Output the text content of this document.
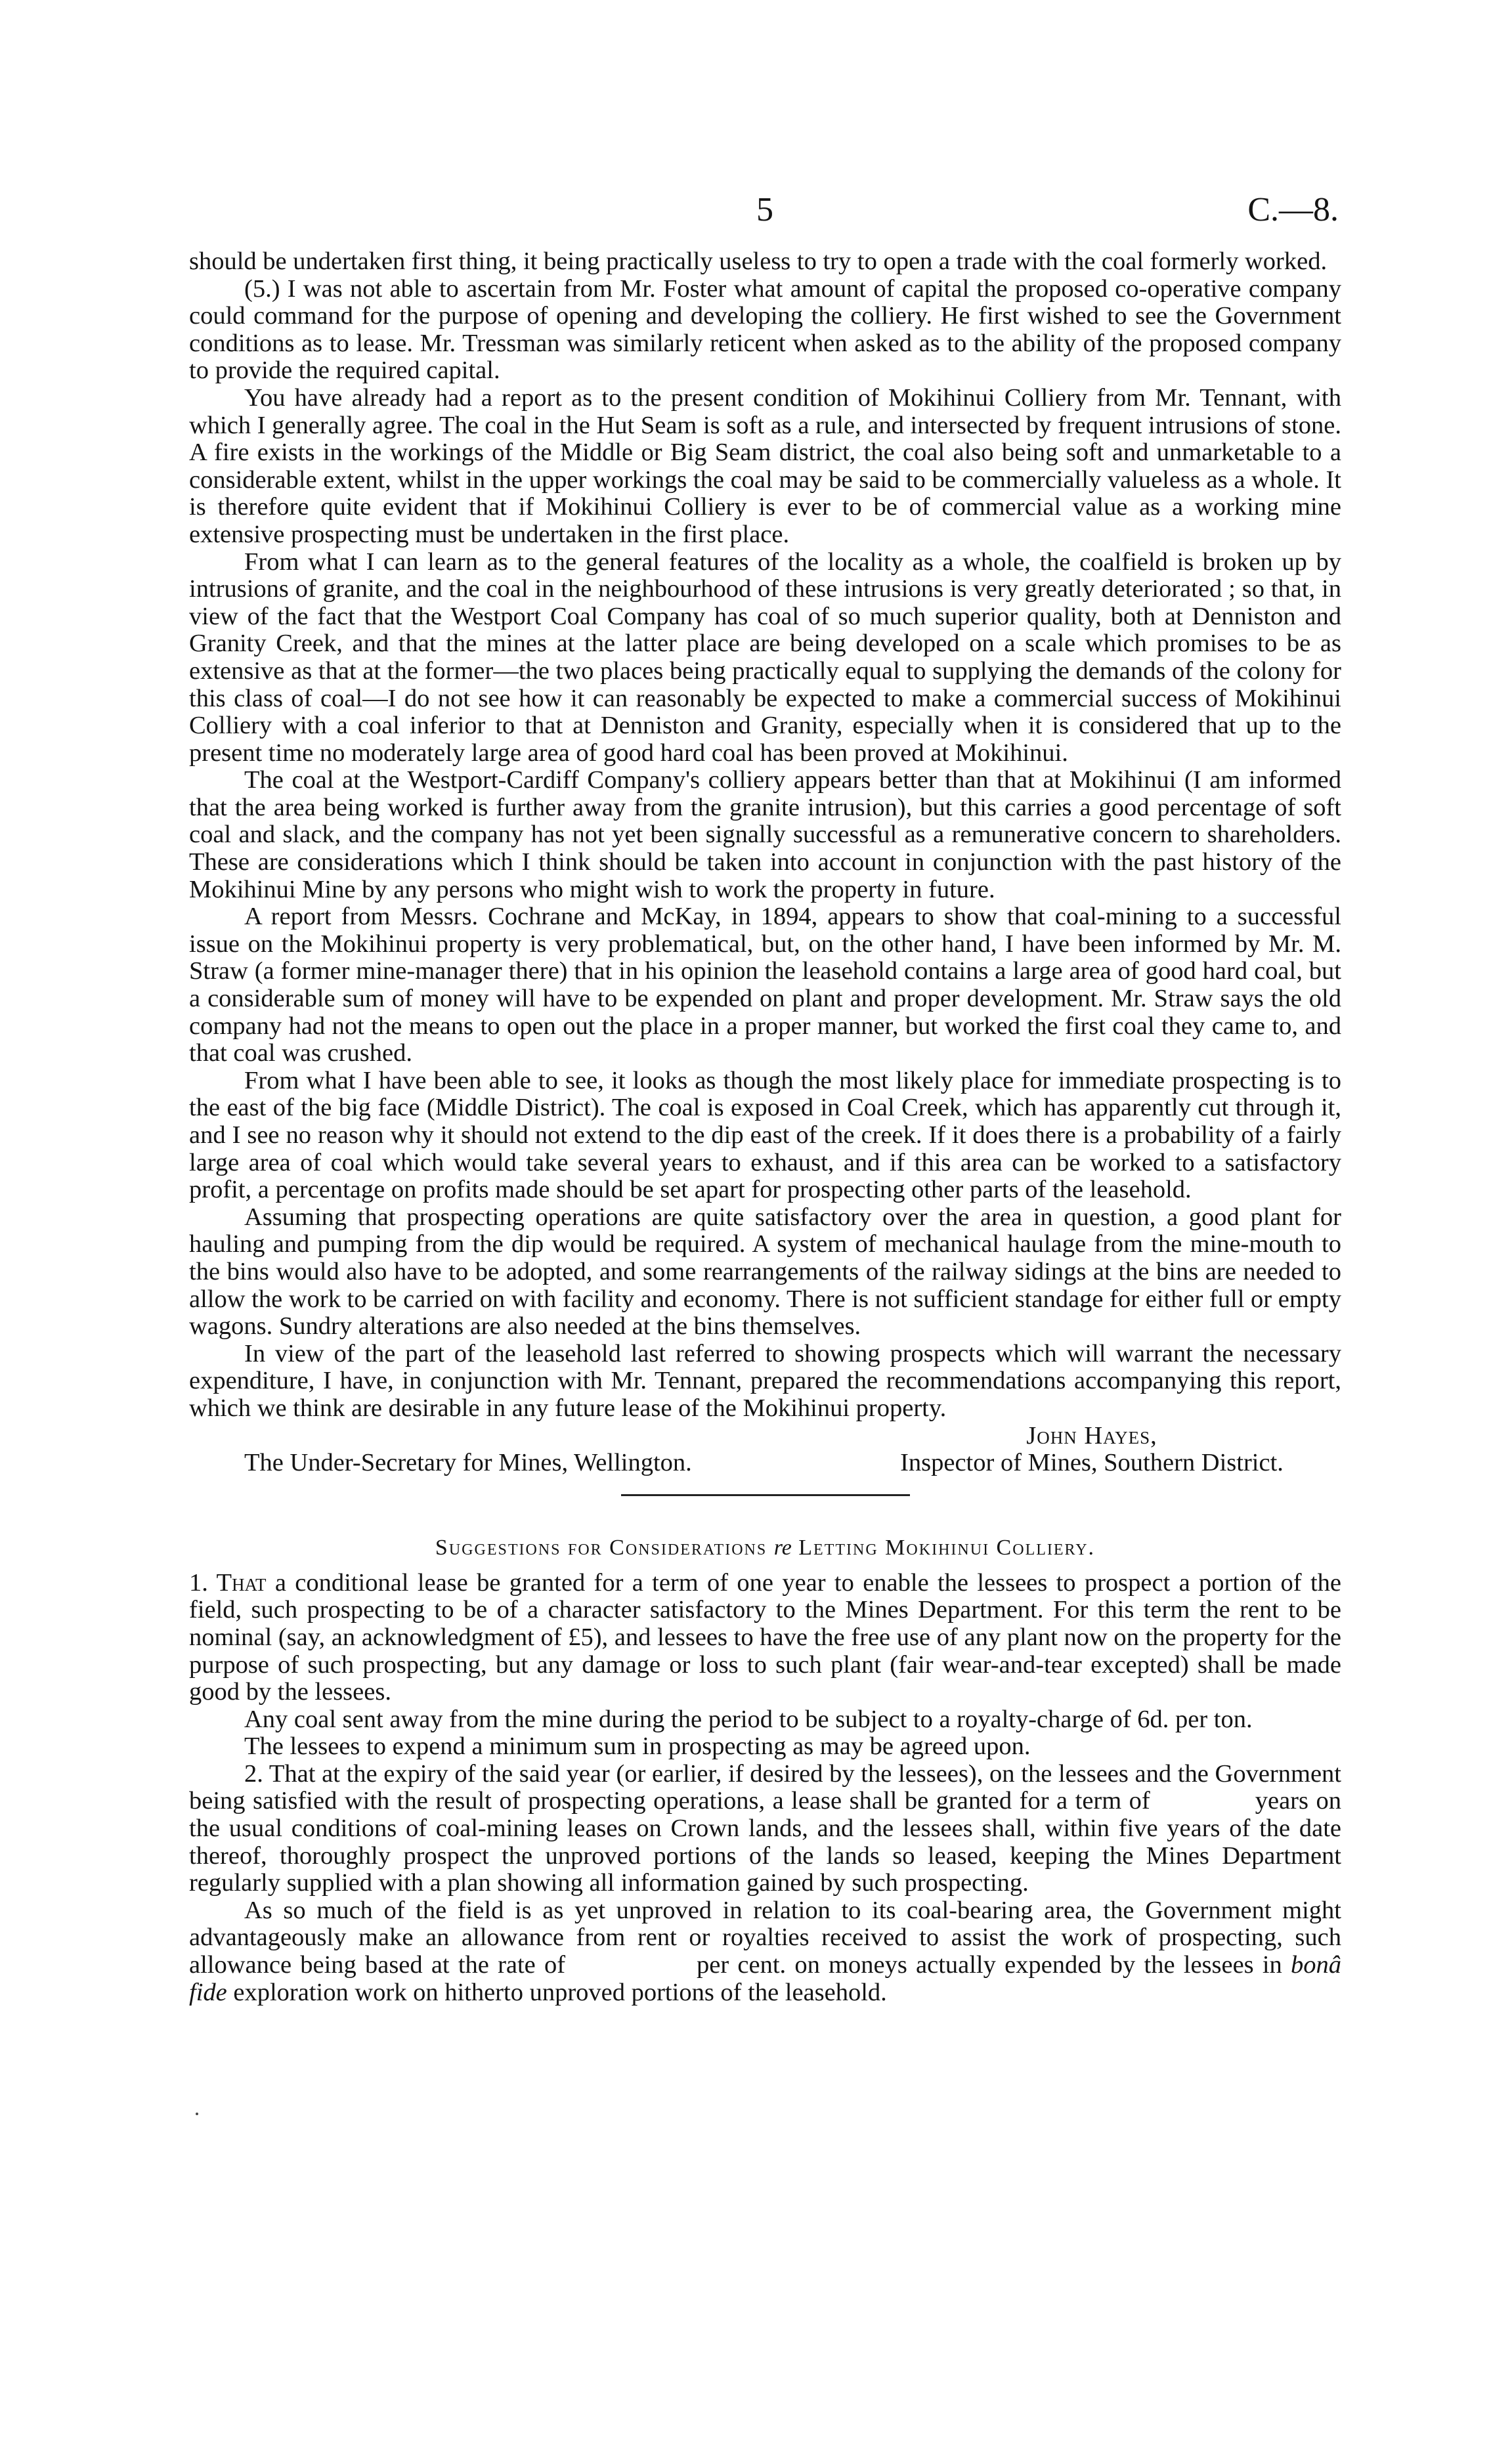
5	C.—8.

should be undertaken first thing, it being practically useless to try to open a trade with the coal formerly worked.

(5.) I was not able to ascertain from Mr. Foster what amount of capital the proposed co-operative company could command for the purpose of opening and developing the colliery. He first wished to see the Government conditions as to lease. Mr. Tressman was similarly reticent when asked as to the ability of the proposed company to provide the required capital.

You have already had a report as to the present condition of Mokihinui Colliery from Mr. Tennant, with which I generally agree. The coal in the Hut Seam is soft as a rule, and intersected by frequent intrusions of stone. A fire exists in the workings of the Middle or Big Seam district, the coal also being soft and unmarketable to a considerable extent, whilst in the upper workings the coal may be said to be commercially valueless as a whole. It is therefore quite evident that if Mokihinui Colliery is ever to be of commercial value as a working mine extensive prospecting must be undertaken in the first place.

From what I can learn as to the general features of the locality as a whole, the coalfield is broken up by intrusions of granite, and the coal in the neighbourhood of these intrusions is very greatly deteriorated ; so that, in view of the fact that the Westport Coal Company has coal of so much superior quality, both at Denniston and Granity Creek, and that the mines at the latter place are being developed on a scale which promises to be as extensive as that at the former—the two places being practically equal to supplying the demands of the colony for this class of coal—I do not see how it can reasonably be expected to make a commercial success of Mokihinui Colliery with a coal inferior to that at Denniston and Granity, especially when it is considered that up to the present time no moderately large area of good hard coal has been proved at Mokihinui.

The coal at the Westport-Cardiff Company's colliery appears better than that at Mokihinui (I am informed that the area being worked is further away from the granite intrusion), but this carries a good percentage of soft coal and slack, and the company has not yet been signally successful as a remunerative concern to shareholders. These are considerations which I think should be taken into account in conjunction with the past history of the Mokihinui Mine by any persons who might wish to work the property in future.

A report from Messrs. Cochrane and McKay, in 1894, appears to show that coal-mining to a successful issue on the Mokihinui property is very problematical, but, on the other hand, I have been informed by Mr. M. Straw (a former mine-manager there) that in his opinion the leasehold contains a large area of good hard coal, but a considerable sum of money will have to be expended on plant and proper development. Mr. Straw says the old company had not the means to open out the place in a proper manner, but worked the first coal they came to, and that coal was crushed.

From what I have been able to see, it looks as though the most likely place for immediate prospecting is to the east of the big face (Middle District). The coal is exposed in Coal Creek, which has apparently cut through it, and I see no reason why it should not extend to the dip east of the creek. If it does there is a probability of a fairly large area of coal which would take several years to exhaust, and if this area can be worked to a satisfactory profit, a percentage on profits made should be set apart for prospecting other parts of the leasehold.

Assuming that prospecting operations are quite satisfactory over the area in question, a good plant for hauling and pumping from the dip would be required. A system of mechanical haulage from the mine-mouth to the bins would also have to be adopted, and some rearrangements of the railway sidings at the bins are needed to allow the work to be carried on with facility and economy. There is not sufficient standage for either full or empty wagons. Sundry alterations are also needed at the bins themselves.

In view of the part of the leasehold last referred to showing prospects which will warrant the necessary expenditure, I have, in conjunction with Mr. Tennant, prepared the recommendations accompanying this report, which we think are desirable in any future lease of the Mokihinui property.

The Under-Secretary for Mines, Wellington.
John Hayes,
Inspector of Mines, Southern District.
Suggestions for Considerations re Letting Mokihinui Colliery.

1. That a conditional lease be granted for a term of one year to enable the lessees to prospect a portion of the field, such prospecting to be of a character satisfactory to the Mines Department. For this term the rent to be nominal (say, an acknowledgment of £5), and lessees to have the free use of any plant now on the property for the purpose of such prospecting, but any damage or loss to such plant (fair wear-and-tear excepted) shall be made good by the lessees.

Any coal sent away from the mine during the period to be subject to a royalty-charge of 6d. per ton.

The lessees to expend a minimum sum in prospecting as may be agreed upon.

2. That at the expiry of the said year (or earlier, if desired by the lessees), on the lessees and the Government being satisfied with the result of prospecting operations, a lease shall be granted for a term of	years on the usual conditions of coal-mining leases on Crown lands, and the lessees shall, within five years of the date thereof, thoroughly prospect the unproved portions of the lands so leased, keeping the Mines Department regularly supplied with a plan showing all information gained by such prospecting.

As so much of the field is as yet unproved in relation to its coal-bearing area, the Government might advantageously make an allowance from rent or royalties received to assist the work of prospecting, such allowance being based at the rate of	per cent. on moneys actually expended by the lessees in bonâ fide exploration work on hitherto unproved portions of the leasehold.
